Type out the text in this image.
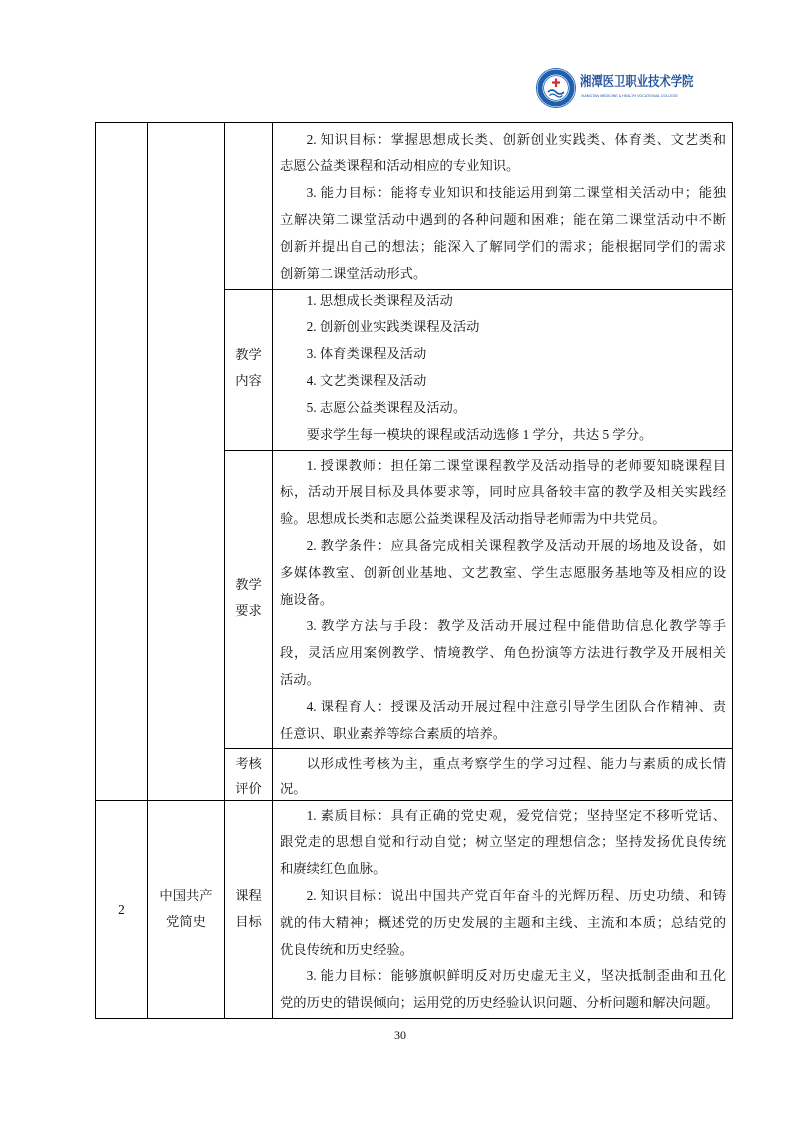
湘潭医卫职业技术学院
XIANGTAN MEDICINE & HEALTH VOCATIONAL COLLEGE
2. 知识目标：掌握思想成长类、创新创业实践类、体育类、文艺类和
志愿公益类课程和活动相应的专业知识。
3. 能力目标：能将专业知识和技能运用到第二课堂相关活动中；能独
立解决第二课堂活动中遇到的各种问题和困难；能在第二课堂活动中不断
创新并提出自己的想法；能深入了解同学们的需求；能根据同学们的需求
创新第二课堂活动形式。
教学
内容
1. 思想成长类课程及活动
2. 创新创业实践类课程及活动
3. 体育类课程及活动
4. 文艺类课程及活动
5. 志愿公益类课程及活动。
要求学生每一模块的课程或活动选修 1 学分，共达 5 学分。
教学
要求
1. 授课教师：担任第二课堂课程教学及活动指导的老师要知晓课程目
标，活动开展目标及具体要求等，同时应具备较丰富的教学及相关实践经
验。思想成长类和志愿公益类课程及活动指导老师需为中共党员。
2. 教学条件：应具备完成相关课程教学及活动开展的场地及设备，如
多媒体教室、创新创业基地、文艺教室、学生志愿服务基地等及相应的设
施设备。
3. 教学方法与手段：教学及活动开展过程中能借助信息化教学等手
段，灵活应用案例教学、情境教学、角色扮演等方法进行教学及开展相关
活动。
4. 课程育人：授课及活动开展过程中注意引导学生团队合作精神、责
任意识、职业素养等综合素质的培养。
考核
评价
以形成性考核为主，重点考察学生的学习过程、能力与素质的成长情
况。
2
中国共产
党简史
课程
目标
1. 素质目标：具有正确的党史观，爱党信党；坚持坚定不移听党话、
跟党走的思想自觉和行动自觉；树立坚定的理想信念；坚持发扬优良传统
和赓续红色血脉。
2. 知识目标：说出中国共产党百年奋斗的光辉历程、历史功绩、和铸
就的伟大精神；概述党的历史发展的主题和主线、主流和本质；总结党的
优良传统和历史经验。
3. 能力目标：能够旗帜鲜明反对历史虚无主义，坚决抵制歪曲和丑化
党的历史的错误倾向；运用党的历史经验认识问题、分析问题和解决问题。
30
